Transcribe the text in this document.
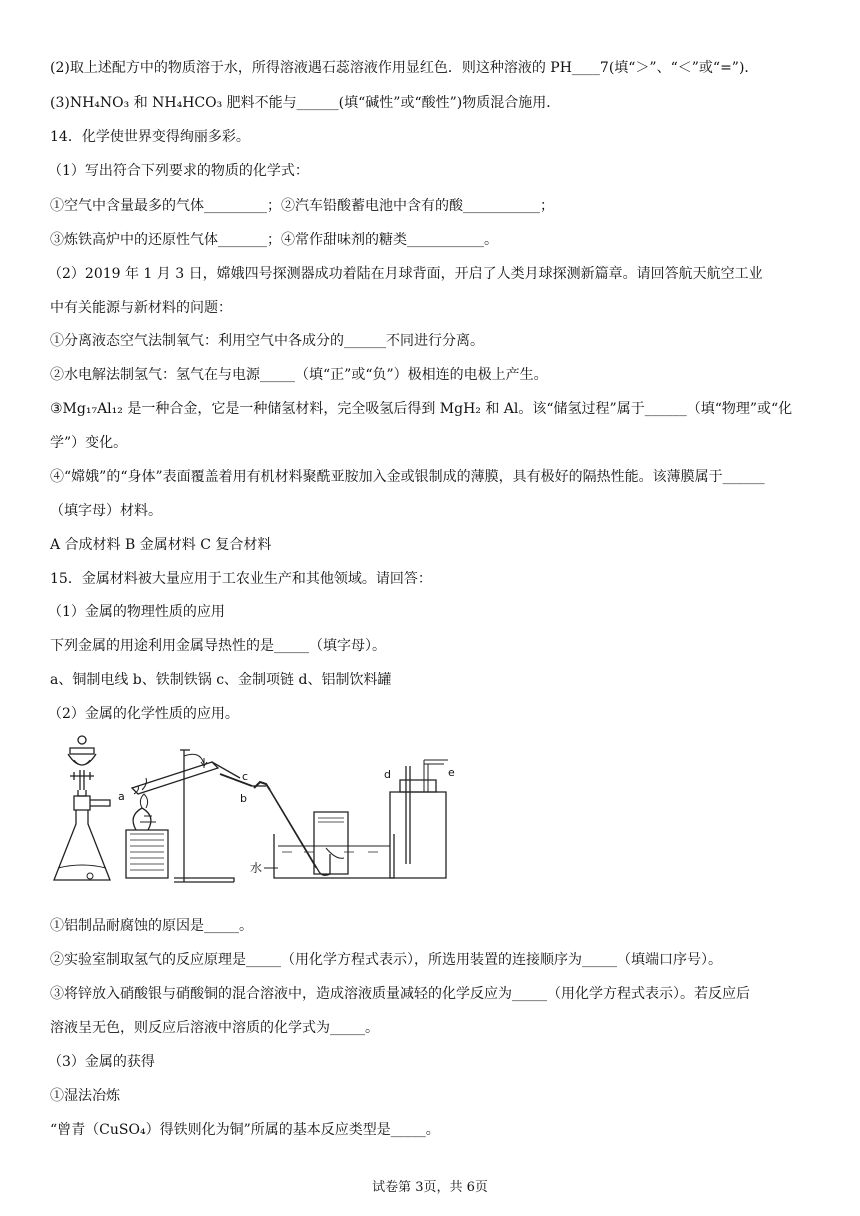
(2)取上述配方中的物质溶于水，所得溶液遇石蕊溶液作用显红色．则这种溶液的 PH____7(填“＞”、“＜”或“=”)．
(3)NH₄NO₃ 和 NH₄HCO₃ 肥料不能与______(填“碱性”或“酸性”)物质混合施用．
14．化学使世界变得绚丽多彩。
（1）写出符合下列要求的物质的化学式：
①空气中含量最多的气体_________；②汽车铅酸蓄电池中含有的酸___________；
③炼铁高炉中的还原性气体_______；④常作甜味剂的糖类___________。
（2）2019 年 1 月 3 日，嫦娥四号探测器成功着陆在月球背面，开启了人类月球探测新篇章。请回答航天航空工业
中有关能源与新材料的问题：
①分离液态空气法制氧气：利用空气中各成分的______不同进行分离。
②水电解法制氢气：氢气在与电源_____（填“正”或“负”）极相连的电极上产生。
③Mg₁₇Al₁₂ 是一种合金，它是一种储氢材料，完全吸氢后得到 MgH₂ 和 Al。该“储氢过程”属于______（填“物理”或“化
学”）变化。
④“嫦娥”的“身体”表面覆盖着用有机材料聚酰亚胺加入金或银制成的薄膜，具有极好的隔热性能。该薄膜属于______
（填字母）材料。
A 合成材料 B 金属材料 C 复合材料
15．金属材料被大量应用于工农业生产和其他领域。请回答：
（1）金属的物理性质的应用
下列金属的用途利用金属导热性的是_____（填字母）。
a、铜制电线 b、铁制铁锅 c、金制项链 d、铝制饮料罐
（2）金属的化学性质的应用。
a	b
c
水
d	e
①铝制品耐腐蚀的原因是_____。
②实验室制取氢气的反应原理是_____（用化学方程式表示），所选用装置的连接顺序为_____（填端口序号）。
③将锌放入硝酸银与硝酸铜的混合溶液中，造成溶液质量减轻的化学反应为_____（用化学方程式表示）。若反应后
溶液呈无色，则反应后溶液中溶质的化学式为_____。
（3）金属的获得
①湿法冶炼
“曾青（CuSO₄）得铁则化为铜”所属的基本反应类型是_____。
试卷第 3页，共 6页
